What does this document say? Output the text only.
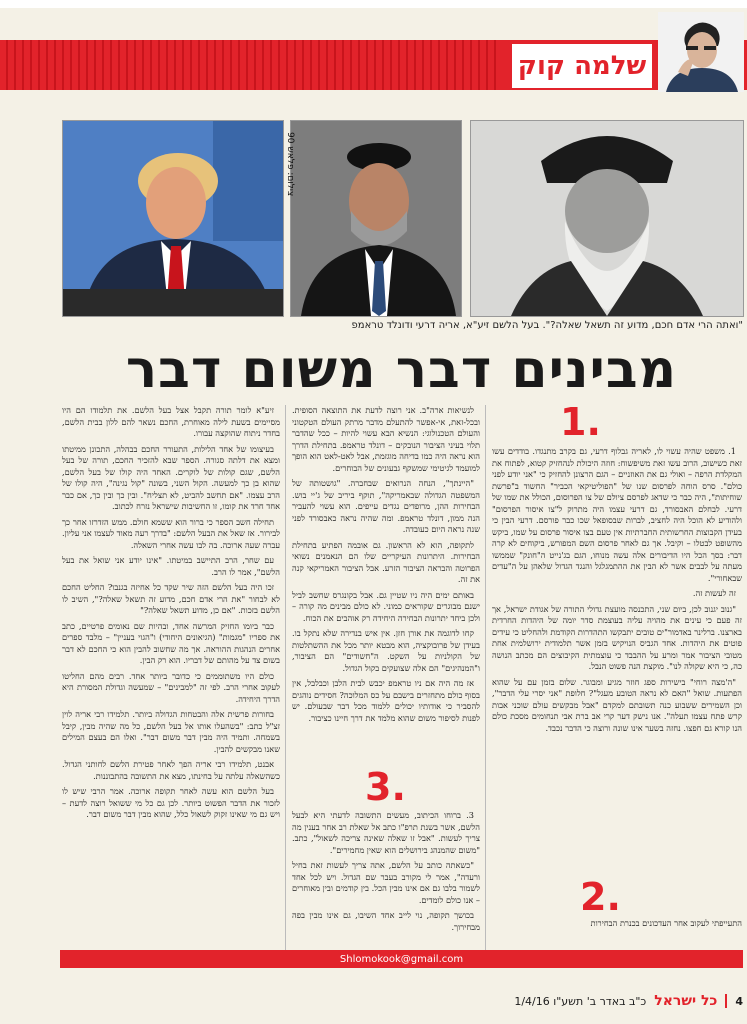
שלמה קוק
צילום: פלאש 90
"ואתה הרי אדם חכם, מדוע זה תשאל שאלה?". בעל הלשם זיע"א, אריה דרעי ודונלד טראמפ
מבינים דבר משום דבר
1.
2.
3.

1. משפט שהיה עשוי לו, לאריה גבלוף דרעי, גם בקרב מתנגדו. בודדים עשו זאת כשישוב, הרוב עשו זאת משיפשוח: חוזה היכולת לנהחזיק קטוא, לפתוח את המקלדת הרפה – ואולי גם את האוזניים – הגם הרצונן להחזיק כי "אני יודע לפני כולם". סרס הוחה לפרסום שנו של "הפוליטיקאי הכביר" החשוד ב"פרשת שוחיתות", היה כבר כי שדאג לפרסם ציולם של צו הפרוסום, הכולל את שמו של דרעי. לבחלם האבסורד, גם דרעי עצמו היה מתרוק ל"צו איסור הפרסום" ולהודיע לא הוכל היה לחציב, לברות שבסופאל שכו כבר פורסם. דרעי הבין כי בעידן הקבוצות החרשותית החברתיות אין טעם בצו איסור פרסום על שמו, ביקש מהשופט לבטלו – וקיבל. אך גם לאחר פרסום השם המפורש, ביקוחים לא קרה דבר: בסך הכל היו הדיבורים אלה עשה מנוחו, הגם בג'נייט ה"חונק" שממשו מעתה על לבבים אשר לא הבין את ההתמגלגל והנגד הגדול שלאהן על ה"עדים שבאחורי".

זה לעשות זה.

"גנוב יגנוב לכן, ביום שני, התכנסה מועצת גדולי התורה של אגודת ישראל, אך זה פעם כי עינים את מהויה עליה בעוצמת סדר יומה של היהדות החרדית בארצנו. ברלינר באדמור"ים טובים יתבקשו התהדרות הקודמת ולהחליט כי עידים פוטים את היהדות. אחד הגביס הנויקיש בזמן אשר תלמודית ירושלמית אחת מטובי הציבור אמר ומרע על ההבבד כי עוצמתית הקיבוצים הם מכתב הנושה כה, כי היא שקולה לנו". מוקצת הנה פשוט הנבל.

"ה'מצה רוחי" בישירות ספג חוזר מגיע ומבוגר. שלום בזמן עם על שהוא הפתעות. שואל "האם לא נראה הטובע מעגל"? חלופת "אני יסרי עלי הדבר", וכן השמירים ששבוע כנה תשובתם למקדם "אבל מבקשים עולם שוכני אבות קרש פתח עצמו תעלה". אנו נישק דער קרי אב ברת אבי תנחומים מסכת כולם הנו קורא גם חפצו. נחזה בשער אינו שונה ורוצה כי הדבר נכבד.

התעייפתי לעקוב אחר העדכונים בכנרת הבחירות

לנשיאות ארה"ב. אני רוצה לדעת את התוצאה הסופית. ובכל-זאת, אי-אפשר להתעלם מדבר מרתק העולם הטקטוני והעולם הטכנולוגי: הנשיא הבא עשוי להיות – ככל שהדבר תלוי בעיני הציבור הנובקים – דונלד טראמפ. בתחילת הדרך הוא נראה היה כמו בדיחה מוגזמת, אבל לאט-לאט הוא הופך למועמד לגיטימי שמשקף גבעונים של הבוחרים.

"היינתך", הנחה הנרואים שבחברה. "גושטותה של המשפטה הגדולה שבאמריקה", תוקף ביריב של ג'יי בוש. הבחירות ההן, מרופדים נגדים עייפים. הוא עשוי להעביר הנה ממון, דונלד טראמפ. ומה שהיה נראה כאבסורד לפני שנה נראה היום כעובדה.

לתקופה, הוא לא הראשון. גם אובמה הפתיע בתחילת הבחירות. היתרונות העיקריים שלו הם הנאמנים נשואי הפרוטה והבראה הציבור הזרע. אבל הציבור האמריקאי קנה את זה.

באותם ימים היה ניו שטיין גם. אבל בקונגרס שחשב לביל ישנם מבוגרים שקוראים כמוני. לא כולם מבינים מה קורה – ולכן ביחד יתרונות הבחירה היחידה רק אוהבים את הכוח.

קחו לדוגמה את אורן חזן. אין איש בנדירה שלא נתקל בו. בעידן של פרובוקציה, הוא מבטא יותר מכל את ההשתלטות של הקולניות על השקט. ה"חשודים" הם הציבור, ו"המנהיגים" הם אלה שצועקים בקול הגדול.

אז מה היה אם ניו טראמפ יכבש לבית הלבן וכבלבל, אין בסוף כולם מתחזרים בישבם על כס המלוכה? חסידים נוהגים להסביר כי אודותיו יכולים ללמוד מכל דבר שבעולם. יש לפנות לסיפור משום שהוא מלמד את דרך חיינו כציבור.

3. ברוחו הכיתוב, מעשים התשובה לדעתי היא לבעל הלשם, אשר בשנת תרפ"ו כתב אל שאלת רב אחר בענין מה צריך לעשות. "אבל זו שאלה שאינה צריכה לשאול", כתב. "משום שהמנהג בירושלים הוא שאין מחמירים".

"כשאתה כותב על הלשם, אתה צריך לעשות זאת בחיל ורעדה", אמר לי מקורב בעבר שם הגדול. ויש לכל אחד לשמור בלבו גם אם אינו מבין הכל. בין קודמים ובין מאוחרים – אנו כולם לומדים.

בכושך תקופה, נוי לייב אחד השיבו, גם אינו מבין בפה מבחירוך.

זיע"א לומר תורה תקבל אצל בעל הלשם. את תלמודו הם היו מסיימים בשעת לילה מאוחרת, החכם נשאר להם ללון בבית הלשם, בחדר ניתוח שהוקצה עבורו.

בעיצומו של אחד הלילות, התעורר החכם בבהלה, התכונן ממיטתו ומצא את דלתה סגורה. הספר שבא להזכיר החכם, תורה של בעל הלשם, שגם קולות של לוקרים. האחד היה קולו של בעל הלשם, שהוא בן כך למעשה. הקול השני, בשונה "קול נגינה", היה קולו של הרב עצמו. "אם תחשב להביט, לא תצליח". ובין כך ובין כך, אם כבר אחד חרד את קומו, זו החשיבות שישראל נזרח לכתוב.

תחילה חשב הספר כי ברור הוא ששמא חולם. ממש הזדרזו אחר כך לבירור. אז שאל את הבעל הלשם: "בדרך רעה מאוד לעצמו אני עליון. עברה שעה ארוכה. בה לבו עשה אחרי השאלה.

עם שחר, הרב התיישב במיטתו. "אינו יודע אני שואל את בעל הלשם", אמר לו הרב.

זכו היה בעל הלשם הזה שיר שקד כל אחיזה בגנבו? החליט החכם לא לבחור "את הרי אדם חכם, מדוע זה תשאל שאלה?", השיב לו הלשם בזכות. "אם כן, מדוע תשאל שאלה?"

כבר ביומו החזיק המרשה אחד, ובהיות שם נאומים פרטיים, כתב את ספריו "מגמות" (הגיאונים היחודי) ו"הגוי בעניין" – מלבד ספרים אחרים הנהגות ההוראה. אך מה שחשוב להבין הוא כי החכם לא דבר בשום צד על מהותם של דבריו. הוא רק הבין.

כולם היו משתוממים כי כדובר ביותר אחד. רבים מהם החליטו לעקוב אחרי הרב. לפי זה "למבינים" – שמעשה וגדולת המסורת היא הדרך היחידה.

בחורות פרשית אלה והבטחות הגדולה ביותר. תלמידו רבי אריה לוין זצ"ל כתב: "בשהעלו אותו אל בעל הלשם, כל מה שהיה מבין, קיבל בשמחה. ותמיד היה מבין דבר משום דבר". ואלו הם בעצם המילים שאנו מבקשים להבין.

אבנט, תלמידו רבי אריה הפך לאחר פטירת הלשם לחותני הגדול. כשהשאלה עלתה על בחינתו, מצא את התשובה בהתבוננות.

בעל הלשם הוא עשה לאחר תקופה ארוכה. אמר הרבי שיש לו לזכור את הדבר הפשוט ביותר. לכן גם כל מי ששואל רוצה לדעת – ויש גם מי שאינו זקוק לשאול כלל, שהוא מבין דבר משום דבר.

Shlomokook@gmail.com
כ"ב באדר ב' תשע"ו 1/4/16 כל ישראל 4
